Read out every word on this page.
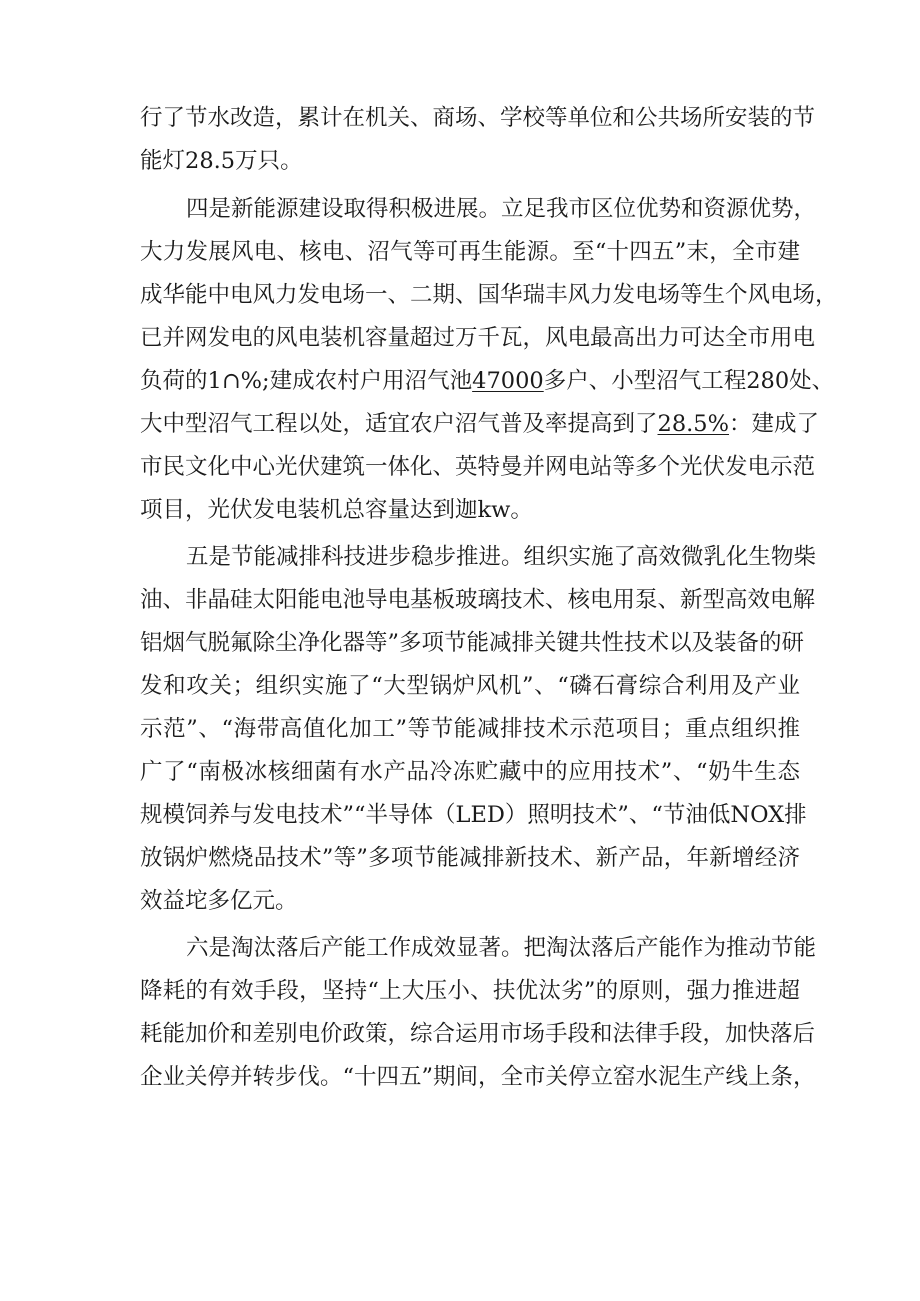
行了节水改造，累计在机关、商场、学校等单位和公共场所安装的节
能灯28.5万只。
四是新能源建设取得积极进展。立足我市区位优势和资源优势，
大力发展风电、核电、沼气等可再生能源。至“十四五”末，全市建
成华能中电风力发电场一、二期、国华瑞丰风力发电场等生个风电场，
已并网发电的风电装机容量超过万千瓦，风电最高出力可达全市用电
负荷的1∩%;建成农村户用沼气池47000多户、小型沼气工程280处、
大中型沼气工程以处，适宜农户沼气普及率提高到了28.5%：建成了
市民文化中心光伏建筑一体化、英特曼并网电站等多个光伏发电示范
项目，光伏发电装机总容量达到迦kw。
五是节能减排科技进步稳步推进。组织实施了高效微乳化生物柴
油、非晶硅太阳能电池导电基板玻璃技术、核电用泵、新型高效电解
铝烟气脱氟除尘净化器等”多项节能减排关键共性技术以及装备的研
发和攻关；组织实施了“大型锅炉风机”、“磷石膏综合利用及产业
示范”、“海带高值化加工”等节能减排技术示范项目；重点组织推
广了“南极冰核细菌有水产品冷冻贮藏中的应用技术”、“奶牛生态
规模饲养与发电技术”“半导体（LED）照明技术”、“节油低NOX排
放锅炉燃烧品技术”等”多项节能减排新技术、新产品，年新增经济
效益坨多亿元。
六是淘汰落后产能工作成效显著。把淘汰落后产能作为推动节能
降耗的有效手段，坚持“上大压小、扶优汰劣”的原则，强力推进超
耗能加价和差别电价政策，综合运用市场手段和法律手段，加快落后
企业关停并转步伐。“十四五”期间，全市关停立窑水泥生产线上条，
